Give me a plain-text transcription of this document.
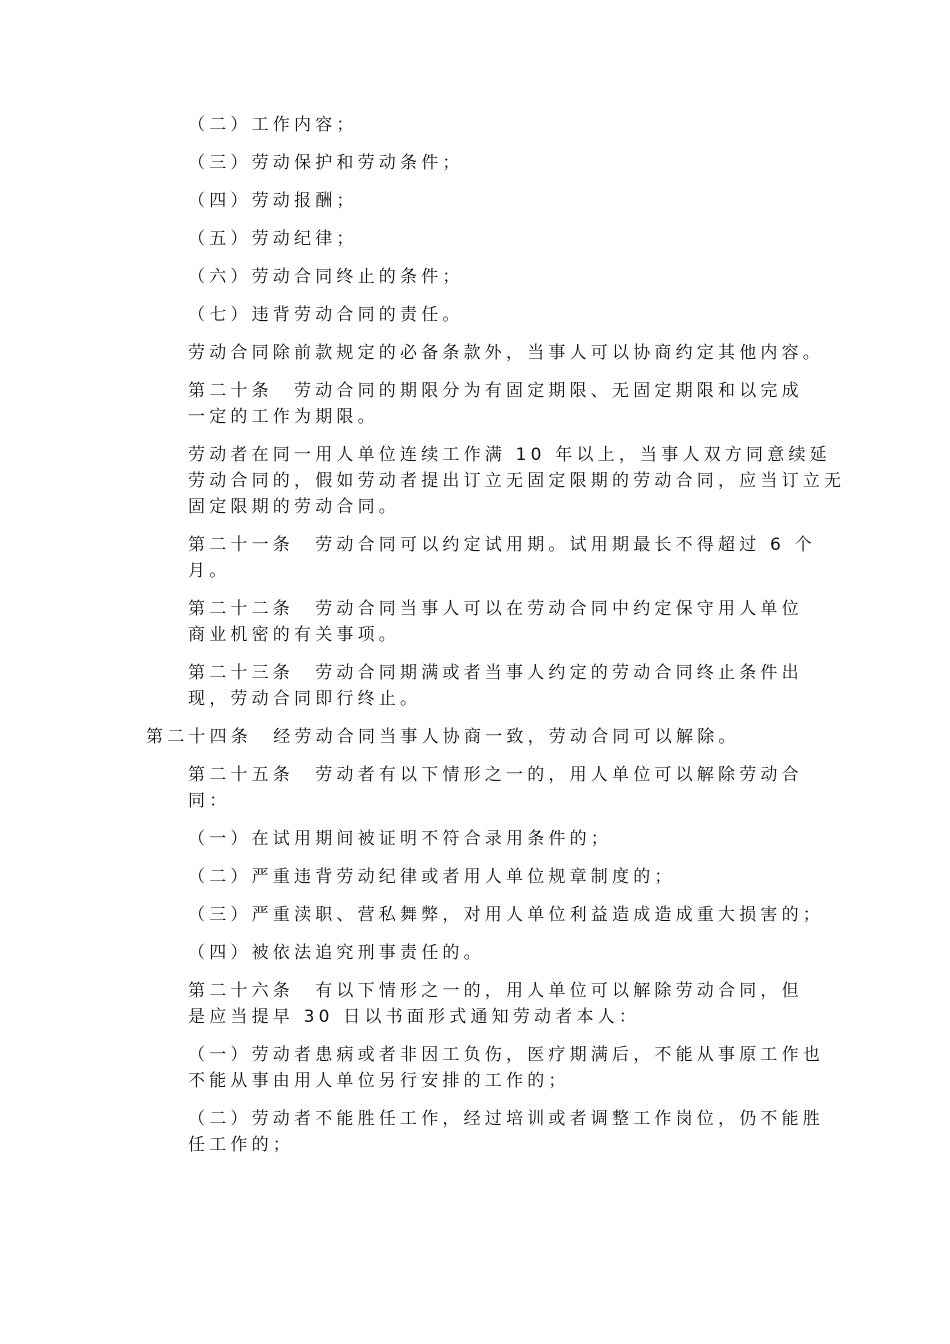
（二）工作内容；
（三）劳动保护和劳动条件；
（四）劳动报酬；
（五）劳动纪律；
（六）劳动合同终止的条件；
（七）违背劳动合同的责任。
劳动合同除前款规定的必备条款外，当事人可以协商约定其他内容。
第二十条　劳动合同的期限分为有固定期限、无固定期限和以完成
一定的工作为期限。
劳动者在同一用人单位连续工作满 10 年以上，当事人双方同意续延
劳动合同的，假如劳动者提出订立无固定限期的劳动合同，应当订立无
固定限期的劳动合同。
第二十一条　劳动合同可以约定试用期。试用期最长不得超过 6 个
月。
第二十二条　劳动合同当事人可以在劳动合同中约定保守用人单位
商业机密的有关事项。
第二十三条　劳动合同期满或者当事人约定的劳动合同终止条件出
现，劳动合同即行终止。
第二十四条　经劳动合同当事人协商一致，劳动合同可以解除。
第二十五条　劳动者有以下情形之一的，用人单位可以解除劳动合
同：
（一）在试用期间被证明不符合录用条件的；
（二）严重违背劳动纪律或者用人单位规章制度的；
（三）严重渎职、营私舞弊，对用人单位利益造成造成重大损害的；
（四）被依法追究刑事责任的。
第二十六条　有以下情形之一的，用人单位可以解除劳动合同，但
是应当提早 30 日以书面形式通知劳动者本人：
（一）劳动者患病或者非因工负伤，医疗期满后，不能从事原工作也
不能从事由用人单位另行安排的工作的；
（二）劳动者不能胜任工作，经过培训或者调整工作岗位，仍不能胜
任工作的；
